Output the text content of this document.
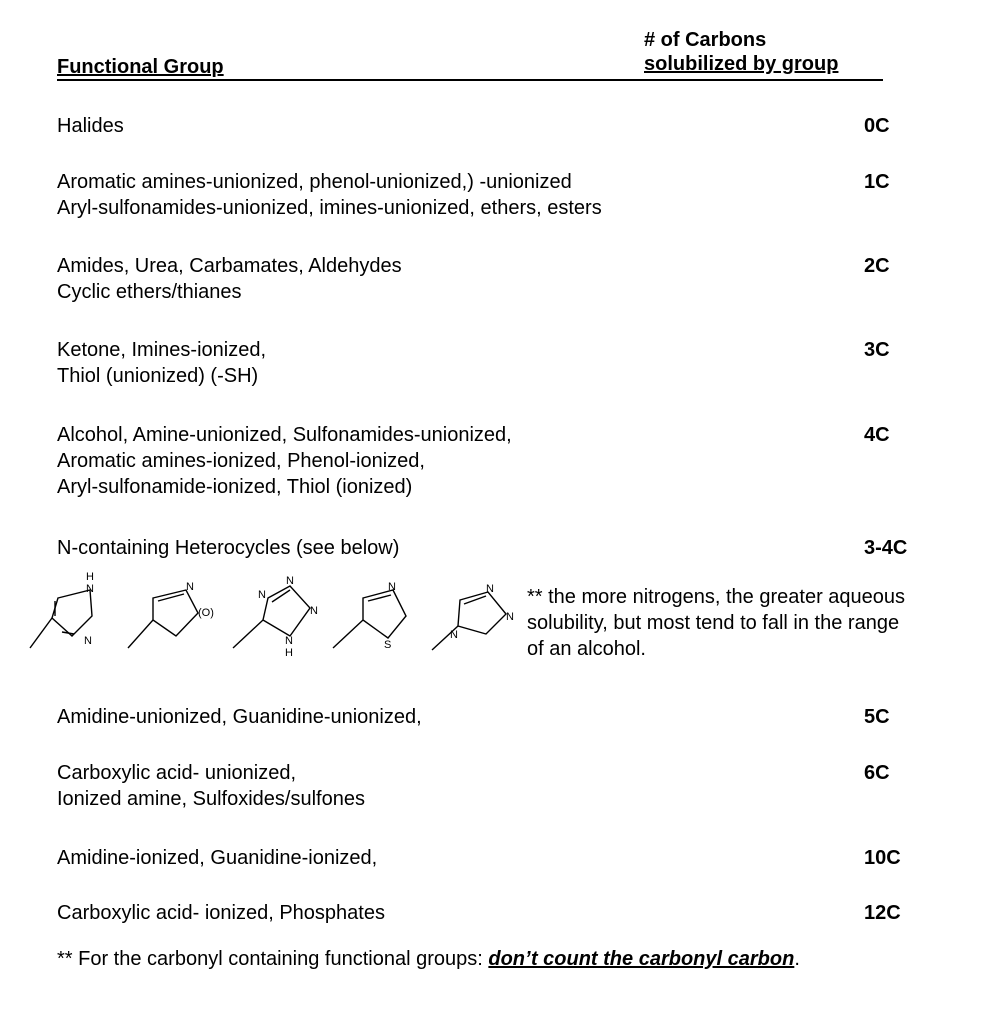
Functional Group
# of Carbons
solubilized by group
Halides	0C
Aromatic amines-unionized, phenol-unionized,) -unionized
Aryl-sulfonamides-unionized, imines-unionized, ethers, esters
1C
Amides, Urea, Carbamates, Aldehydes
Cyclic ethers/thianes
2C
Ketone, Imines-ionized,
Thiol (unionized) (-SH)
3C
Alcohol, Amine-unionized, Sulfonamides-unionized,
Aromatic amines-ionized, Phenol-ionized,
Aryl-sulfonamide-ionized, Thiol (ionized)
4C
N-containing Heterocycles (see below)	3-4C
H
N
N
N
(O)
N
N
N
N
H
N
S
N
N
N
** the more nitrogens, the greater aqueous
solubility, but most tend to fall in the range
of an alcohol.
Amidine-unionized, Guanidine-unionized,	5C
Carboxylic acid- unionized,
Ionized amine, Sulfoxides/sulfones
6C
Amidine-ionized, Guanidine-ionized,	10C
Carboxylic acid- ionized, Phosphates	12C
** For the carbonyl containing functional groups: don’t count the carbonyl carbon.
